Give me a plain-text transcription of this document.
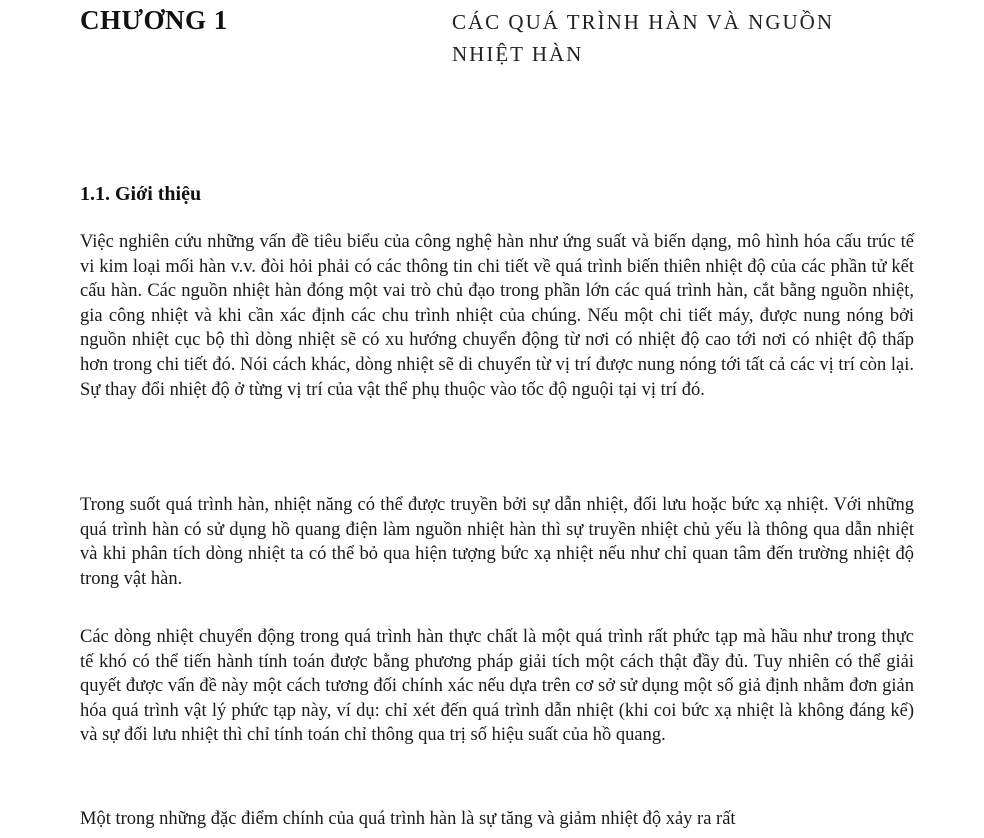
CHƯƠNG 1	CÁC QUÁ TRÌNH HÀN VÀ NGUỒN
NHIỆT HÀN
1.1. Giới thiệu

Việc nghiên cứu những vấn đề tiêu biểu của công nghệ hàn như ứng suất và biến dạng, mô hình hóa cấu trúc tế vi kim loại mối hàn v.v. đòi hỏi phải có các thông tin chi tiết về quá trình biến thiên nhiệt độ của các phần tử kết cấu hàn. Các nguồn nhiệt hàn đóng một vai trò chủ đạo trong phần lớn các quá trình hàn, cắt bằng nguồn nhiệt, gia công nhiệt và khi cần xác định các chu trình nhiệt của chúng. Nếu một chi tiết máy, được nung nóng bởi nguồn nhiệt cục bộ thì dòng nhiệt sẽ có xu hướng chuyển động từ nơi có nhiệt độ cao tới nơi có nhiệt độ thấp hơn trong chi tiết đó. Nói cách khác, dòng nhiệt sẽ di chuyển từ vị trí được nung nóng tới tất cả các vị trí còn lại. Sự thay đổi nhiệt độ ở từng vị trí của vật thể phụ thuộc vào tốc độ nguội tại vị trí đó.

Trong suốt quá trình hàn, nhiệt năng có thể được truyền bởi sự dẫn nhiệt, đối lưu hoặc bức xạ nhiệt. Với những quá trình hàn có sử dụng hồ quang điện làm nguồn nhiệt hàn thì sự truyền nhiệt chủ yếu là thông qua dẫn nhiệt và khi phân tích dòng nhiệt ta có thể bỏ qua hiện tượng bức xạ nhiệt nếu như chỉ quan tâm đến trường nhiệt độ trong vật hàn.

Các dòng nhiệt chuyển động trong quá trình hàn thực chất là một quá trình rất phức tạp mà hầu như trong thực tế khó có thể tiến hành tính toán được bằng phương pháp giải tích một cách thật đầy đủ. Tuy nhiên có thể giải quyết được vấn đề này một cách tương đối chính xác nếu dựa trên cơ sở sử dụng một số giả định nhằm đơn giản hóa quá trình vật lý phức tạp này, ví dụ: chỉ xét đến quá trình dẫn nhiệt (khi coi bức xạ nhiệt là không đáng kể) và sự đối lưu nhiệt thì chỉ tính toán chỉ thông qua trị số hiệu suất của hồ quang.

Một trong những đặc điểm chính của quá trình hàn là sự tăng và giảm nhiệt độ xảy ra rất
